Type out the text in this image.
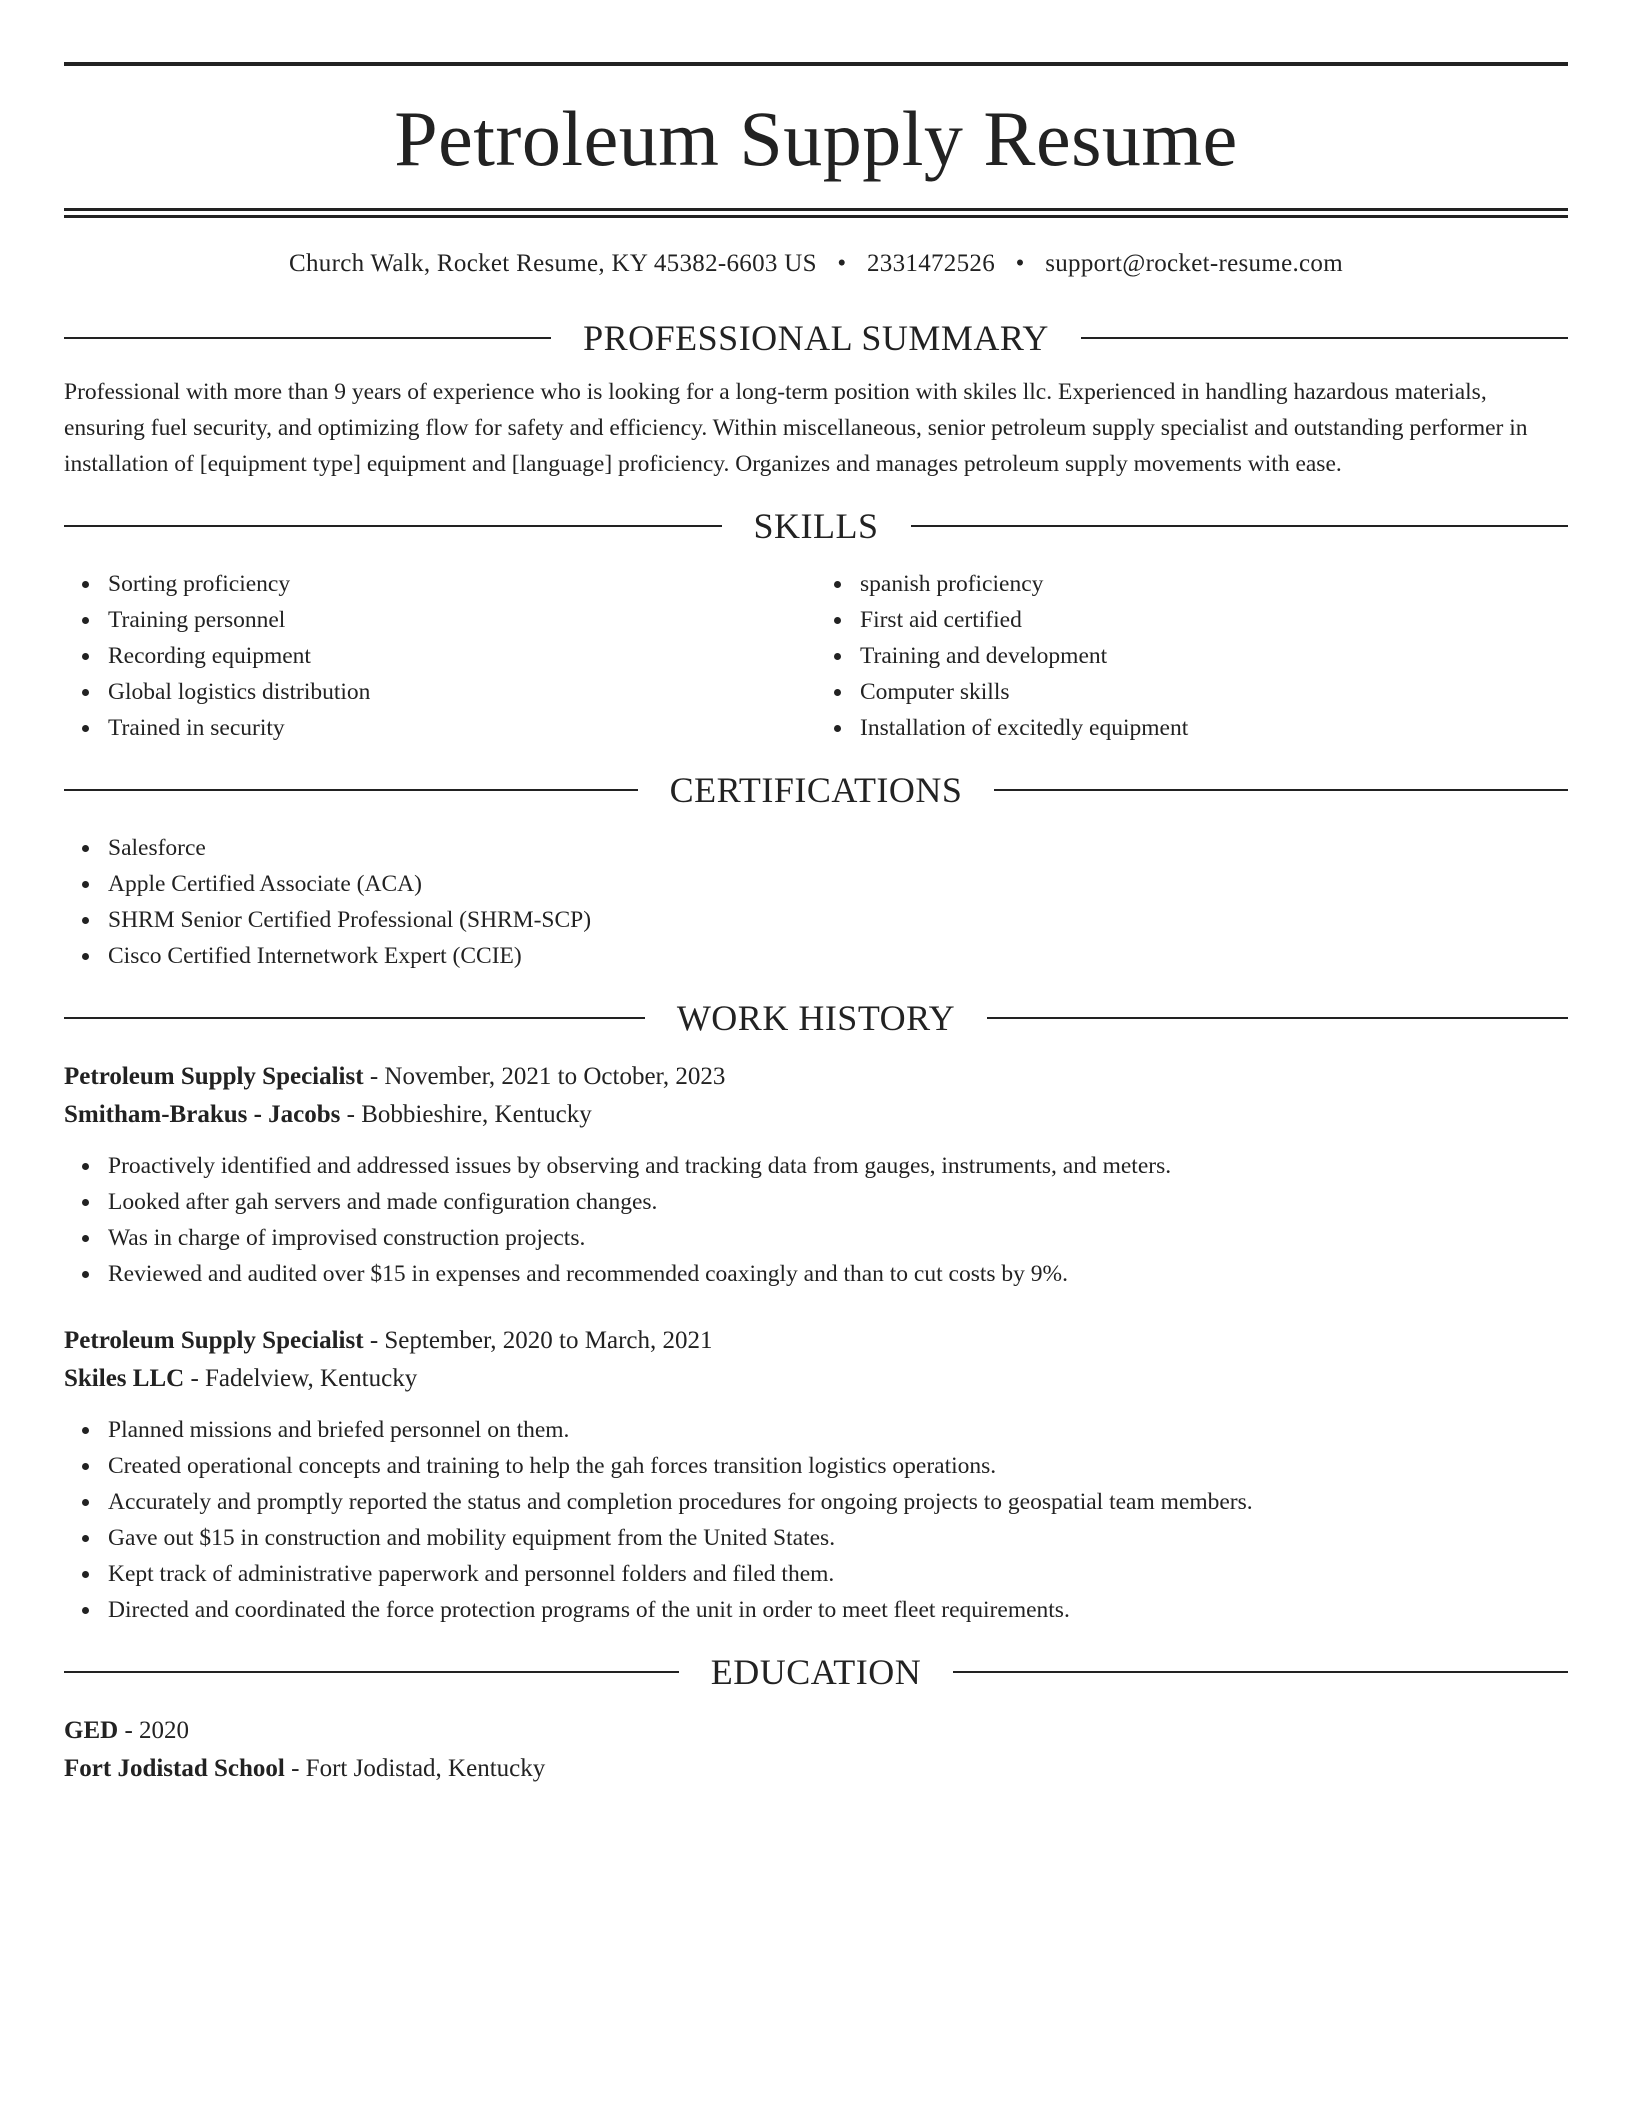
Petroleum Supply Resume
Church Walk, Rocket Resume, KY 45382-6603 US • 2331472526 • support@rocket-resume.com
PROFESSIONAL SUMMARY

Professional with more than 9 years of experience who is looking for a long-term position with skiles llc. Experienced in handling hazardous materials, ensuring fuel security, and optimizing flow for safety and efficiency. Within miscellaneous, senior petroleum supply specialist and outstanding performer in installation of [equipment type] equipment and [language] proficiency. Organizes and manages petroleum supply movements with ease.

SKILLS
Sorting proficiency
Training personnel
Recording equipment
Global logistics distribution
Trained in security
spanish proficiency
First aid certified
Training and development
Computer skills
Installation of excitedly equipment
CERTIFICATIONS
Salesforce
Apple Certified Associate (ACA)
SHRM Senior Certified Professional (SHRM-SCP)
Cisco Certified Internetwork Expert (CCIE)
WORK HISTORY
Petroleum Supply Specialist - November, 2021 to October, 2023
Smitham-Brakus - Jacobs - Bobbieshire, Kentucky
Proactively identified and addressed issues by observing and tracking data from gauges, instruments, and meters.
Looked after gah servers and made configuration changes.
Was in charge of improvised construction projects.
Reviewed and audited over $15 in expenses and recommended coaxingly and than to cut costs by 9%.
Petroleum Supply Specialist - September, 2020 to March, 2021
Skiles LLC - Fadelview, Kentucky
Planned missions and briefed personnel on them.
Created operational concepts and training to help the gah forces transition logistics operations.
Accurately and promptly reported the status and completion procedures for ongoing projects to geospatial team members.
Gave out $15 in construction and mobility equipment from the United States.
Kept track of administrative paperwork and personnel folders and filed them.
Directed and coordinated the force protection programs of the unit in order to meet fleet requirements.
EDUCATION
GED - 2020
Fort Jodistad School - Fort Jodistad, Kentucky
